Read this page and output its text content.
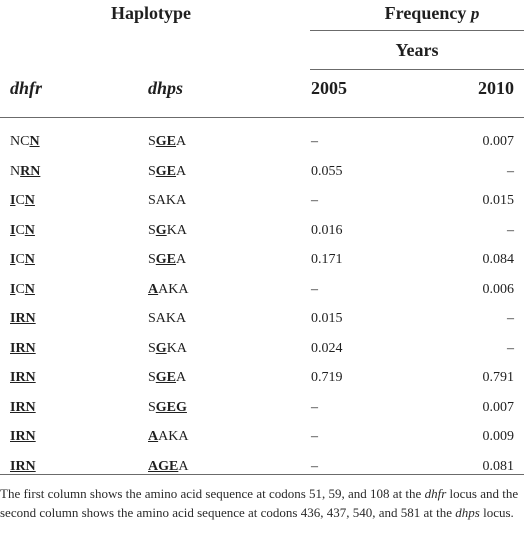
Haplotype	Frequency p
Years
dhfr	dhps	2005	2010
NCN	SGEA	–	0.007
NRN	SGEA	0.055	–
ICN	SAKA	–	0.015
ICN	SGKA	0.016	–
ICN	SGEA	0.171	0.084
ICN	AAKA	–	0.006
IRN	SAKA	0.015	–
IRN	SGKA	0.024	–
IRN	SGEA	0.719	0.791
IRN	SGEG	–	0.007
IRN	AAKA	–	0.009
IRN	AGEA	–	0.081
The first column shows the amino acid sequence at codons 51, 59, and 108 at the dhfr locus and the second column shows the amino acid sequence at codons 436, 437, 540, and 581 at the dhps locus.
